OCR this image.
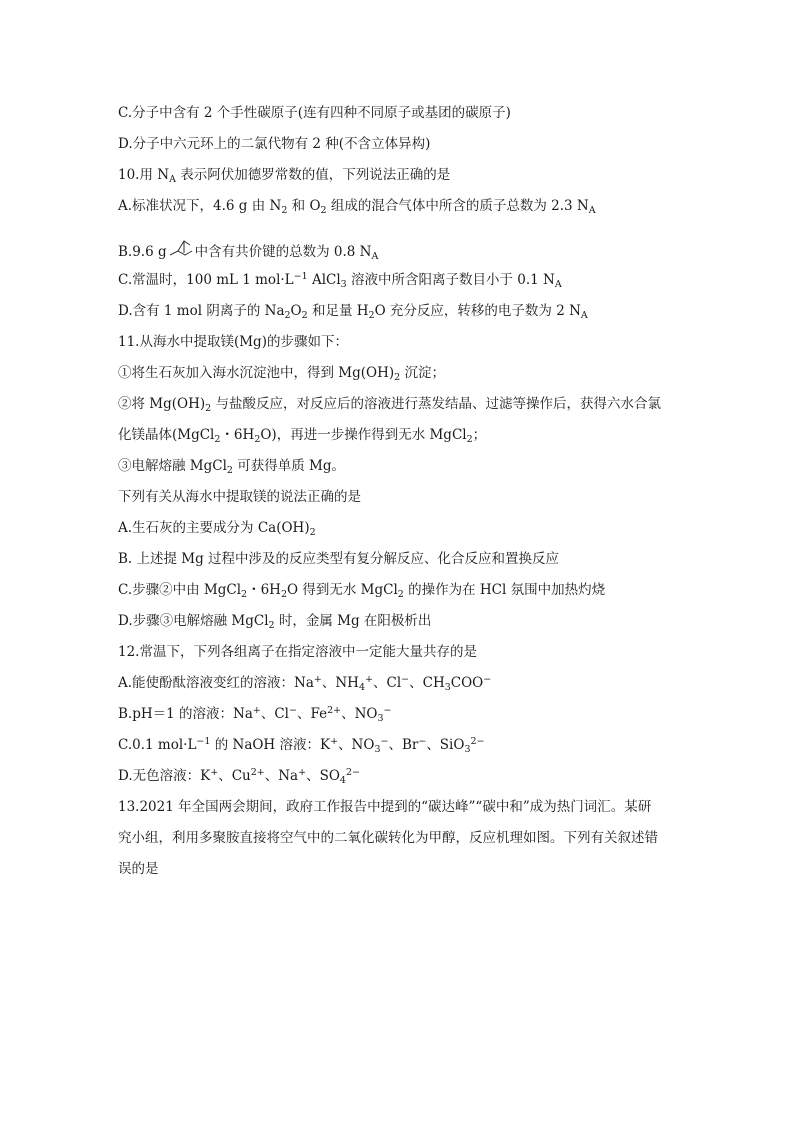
C.分子中含有 2 个手性碳原子(连有四种不同原子或基团的碳原子)
D.分子中六元环上的二氯代物有 2 种(不含立体异构)
10.用 $N_A$ 表示阿伏加德罗常数的值，下列说法正确的是
A.标准状况下，4.6 g 由 $N_2$ 和 $O_2$ 组成的混合气体中所含的质子总数为 2.3 $N_A$
B.9.6 g 中含有共价键的总数为 0.8 $N_A$
C.常温时，100 mL 1 $mol\cdot L^{-1}$ AlCl$_3$ 溶液中所含阳离子数目小于 0.1 $N_A$
D.含有 1 mol 阴离子的 $Na_2O_2$ 和足量 $H_2O$ 充分反应，转移的电子数为 2 $N_A$
11.从海水中提取镁(Mg)的步骤如下：
①将生石灰加入海水沉淀池中，得到 $Mg(OH)_2$ 沉淀；
②将 $Mg(OH)_2$ 与盐酸反应，对反应后的溶液进行蒸发结晶、过滤等操作后，获得六水合氯
化镁晶体(MgCl$_2$・$6H_2O$)，再进一步操作得到无水 MgCl$_2$；
③电解熔融 MgCl$_2$ 可获得单质 Mg。
下列有关从海水中提取镁的说法正确的是
A.生石灰的主要成分为 $Ca(OH)_2$
B. 上述提 Mg 过程中涉及的反应类型有复分解反应、化合反应和置换反应
C.步骤②中由 MgCl$_2$・$6H_2O$ 得到无水 MgCl$_2$ 的操作为在 HCl 氛围中加热灼烧
D.步骤③电解熔融 MgCl$_2$ 时，金属 Mg 在阳极析出
12.常温下，下列各组离子在指定溶液中一定能大量共存的是
A.能使酚酞溶液变红的溶液：Na+、$NH_4^+$、Cl−、$CH_3COO^-$
B.pH＝1 的溶液：Na+、Cl−、$Fe^{2+}$、$NO_3^-$
C.0.1 $mol\cdot L^{-1}$ 的 NaOH 溶液：K+、$NO_3^-$、Br−、SiO$_3^{2-}$
D.无色溶液：K+、$Cu^{2+}$、Na+、$SO_4^{2-}$
13.2021 年全国两会期间，政府工作报告中提到的“碳达峰”“碳中和”成为热门词汇。某研
究小组，利用多聚胺直接将空气中的二氧化碳转化为甲醇，反应机理如图。下列有关叙述错
误的是
